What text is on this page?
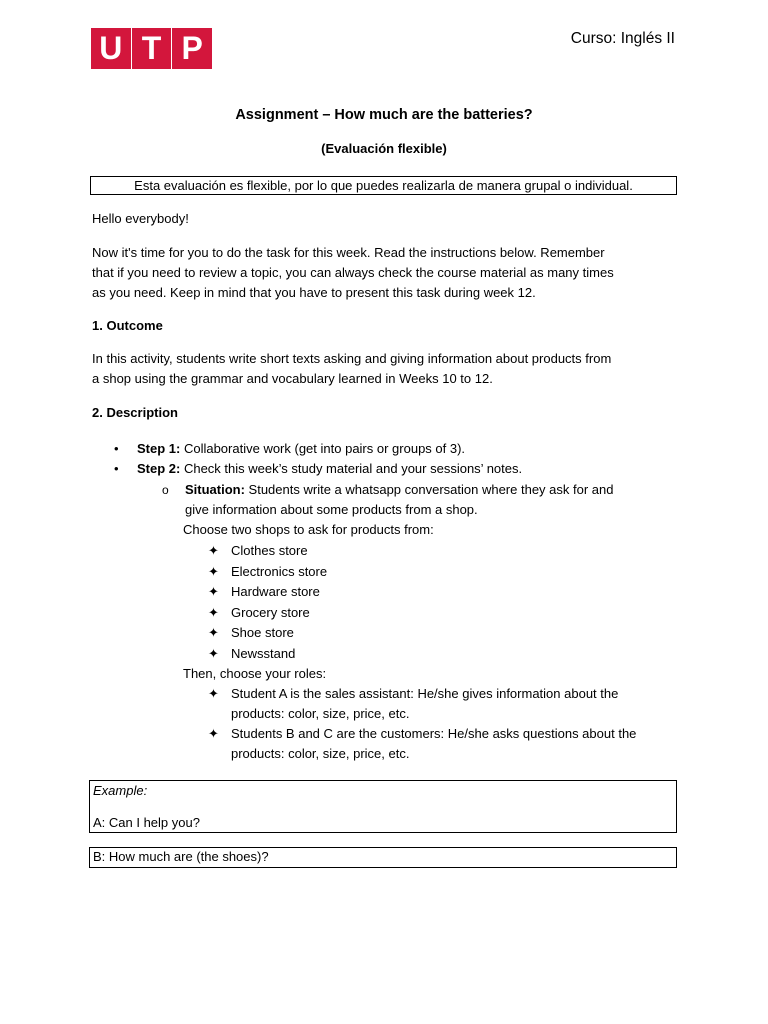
U T P	Curso: Inglés II
Assignment – How much are the batteries?
(Evaluación flexible)
Esta evaluación es flexible, por lo que puedes realizarla de manera grupal o individual.
Hello everybody!
Now it's time for you to do the task for this week. Read the instructions below. Remember
that if you need to review a topic, you can always check the course material as many times
as you need. Keep in mind that you have to present this task during week 12.
1. Outcome
In this activity, students write short texts asking and giving information about products from
a shop using the grammar and vocabulary learned in Weeks 10 to 12.
2. Description
• Step 1: Collaborative work (get into pairs or groups of 3).
• Step 2: Check this week’s study material and your sessions’ notes.
o Situation: Students write a whatsapp conversation where they ask for and
give information about some products from a shop.
Choose two shops to ask for products from:
✦ Clothes store
✦ Electronics store
✦ Hardware store
✦ Grocery store
✦ Shoe store
✦ Newsstand
Then, choose your roles:
✦ Student A is the sales assistant: He/she gives information about the
products: color, size, price, etc.
✦ Students B and C are the customers: He/she asks questions about the
products: color, size, price, etc.
Example:
A: Can I help you?
B: How much are (the shoes)?
